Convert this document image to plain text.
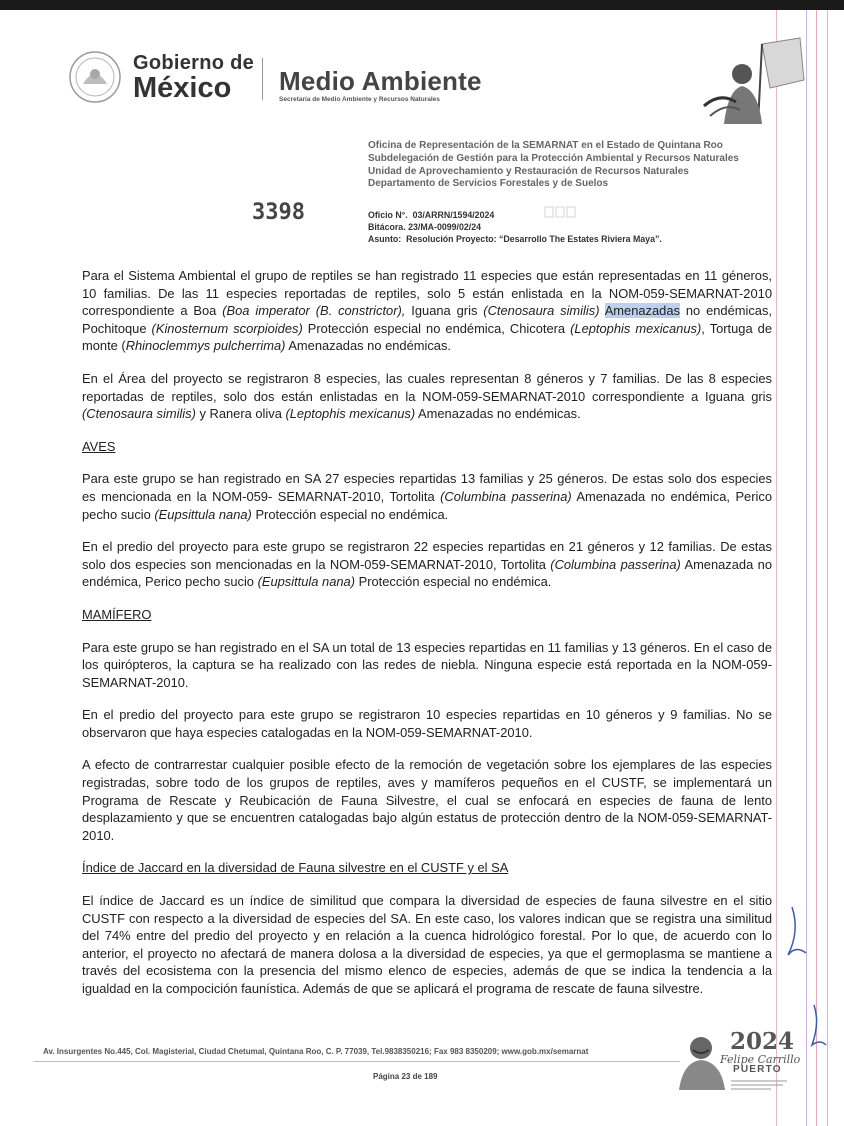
Gobierno de
México	Medio Ambiente
Secretaría de Medio Ambiente y Recursos Naturales
Oficina de Representación de la SEMARNAT en el Estado de Quintana Roo
Subdelegación de Gestión para la Protección Ambiental y Recursos Naturales
Unidad de Aprovechamiento y Restauración de Recursos Naturales
Departamento de Servicios Forestales y de Suelos
3398	Oficio N°. 03/ARRN/1594/2024
Bitácora. 23/MA-0099/02/24
Asunto: Resolución Proyecto: “Desarrollo The Estates Riviera Maya”.

Para el Sistema Ambiental el grupo de reptiles se han registrado 11 especies que están representadas en 11 géneros, 10 familias. De las 11 especies reportadas de reptiles, solo 5 están enlistada en la NOM-059-SEMARNAT-2010 correspondiente a Boa (Boa imperator (B. constrictor), Iguana gris (Ctenosaura similis) Amenazadas no endémicas, Pochitoque (Kinosternum scorpioides) Protección especial no endémica, Chicotera (Leptophis mexicanus), Tortuga de monte (Rhinoclemmys pulcherrima) Amenazadas no endémicas.

En el Área del proyecto se registraron 8 especies, las cuales representan 8 géneros y 7 familias. De las 8 especies reportadas de reptiles, solo dos están enlistadas en la NOM-059-SEMARNAT-2010 correspondiente a Iguana gris (Ctenosaura similis) y Ranera oliva (Leptophis mexicanus) Amenazadas no endémicas.

AVES

Para este grupo se han registrado en SA 27 especies repartidas 13 familias y 25 géneros. De estas solo dos especies es mencionada en la NOM-059- SEMARNAT-2010, Tortolita (Columbina passerina) Amenazada no endémica, Perico pecho sucio (Eupsittula nana) Protección especial no endémica.

En el predio del proyecto para este grupo se registraron 22 especies repartidas en 21 géneros y 12 familias. De estas solo dos especies son mencionadas en la NOM-059-SEMARNAT-2010, Tortolita (Columbina passerina) Amenazada no endémica, Perico pecho sucio (Eupsittula nana) Protección especial no endémica.

MAMÍFERO

Para este grupo se han registrado en el SA un total de 13 especies repartidas en 11 familias y 13 géneros. En el caso de los quirópteros, la captura se ha realizado con las redes de niebla. Ninguna especie está reportada en la NOM-059-SEMARNAT-2010.

En el predio del proyecto para este grupo se registraron 10 especies repartidas en 10 géneros y 9 familias. No se observaron que haya especies catalogadas en la NOM-059-SEMARNAT-2010.

A efecto de contrarrestar cualquier posible efecto de la remoción de vegetación sobre los ejemplares de las especies registradas, sobre todo de los grupos de reptiles, aves y mamíferos pequeños en el CUSTF, se implementará un Programa de Rescate y Reubicación de Fauna Silvestre, el cual se enfocará en especies de fauna de lento desplazamiento y que se encuentren catalogadas bajo algún estatus de protección dentro de la NOM-059-SEMARNAT-2010.

Índice de Jaccard en la diversidad de Fauna silvestre en el CUSTF y el SA

El índice de Jaccard es un índice de similitud que compara la diversidad de especies de fauna silvestre en el sitio CUSTF con respecto a la diversidad de especies del SA. En este caso, los valores indican que se registra una similitud del 74% entre del predio del proyecto y en relación a la cuenca hidrológico forestal. Por lo que, de acuerdo con lo anterior, el proyecto no afectará de manera dolosa a la diversidad de especies, ya que el germoplasma se mantiene a través del ecosistema con la presencia del mismo elenco de especies, además de que se indica la tendencia a la igualdad en la compocición faunística. Además de que se aplicará el programa de rescate de fauna silvestre.

Av. Insurgentes No.445, Col. Magisterial, Ciudad Chetumal, Quintana Roo, C. P. 77039, Tel.9838350216; Fax 983 8350209; www.gob.mx/semarnat
Página 23 de 189
2024
Felipe Carrillo
PUERTO
